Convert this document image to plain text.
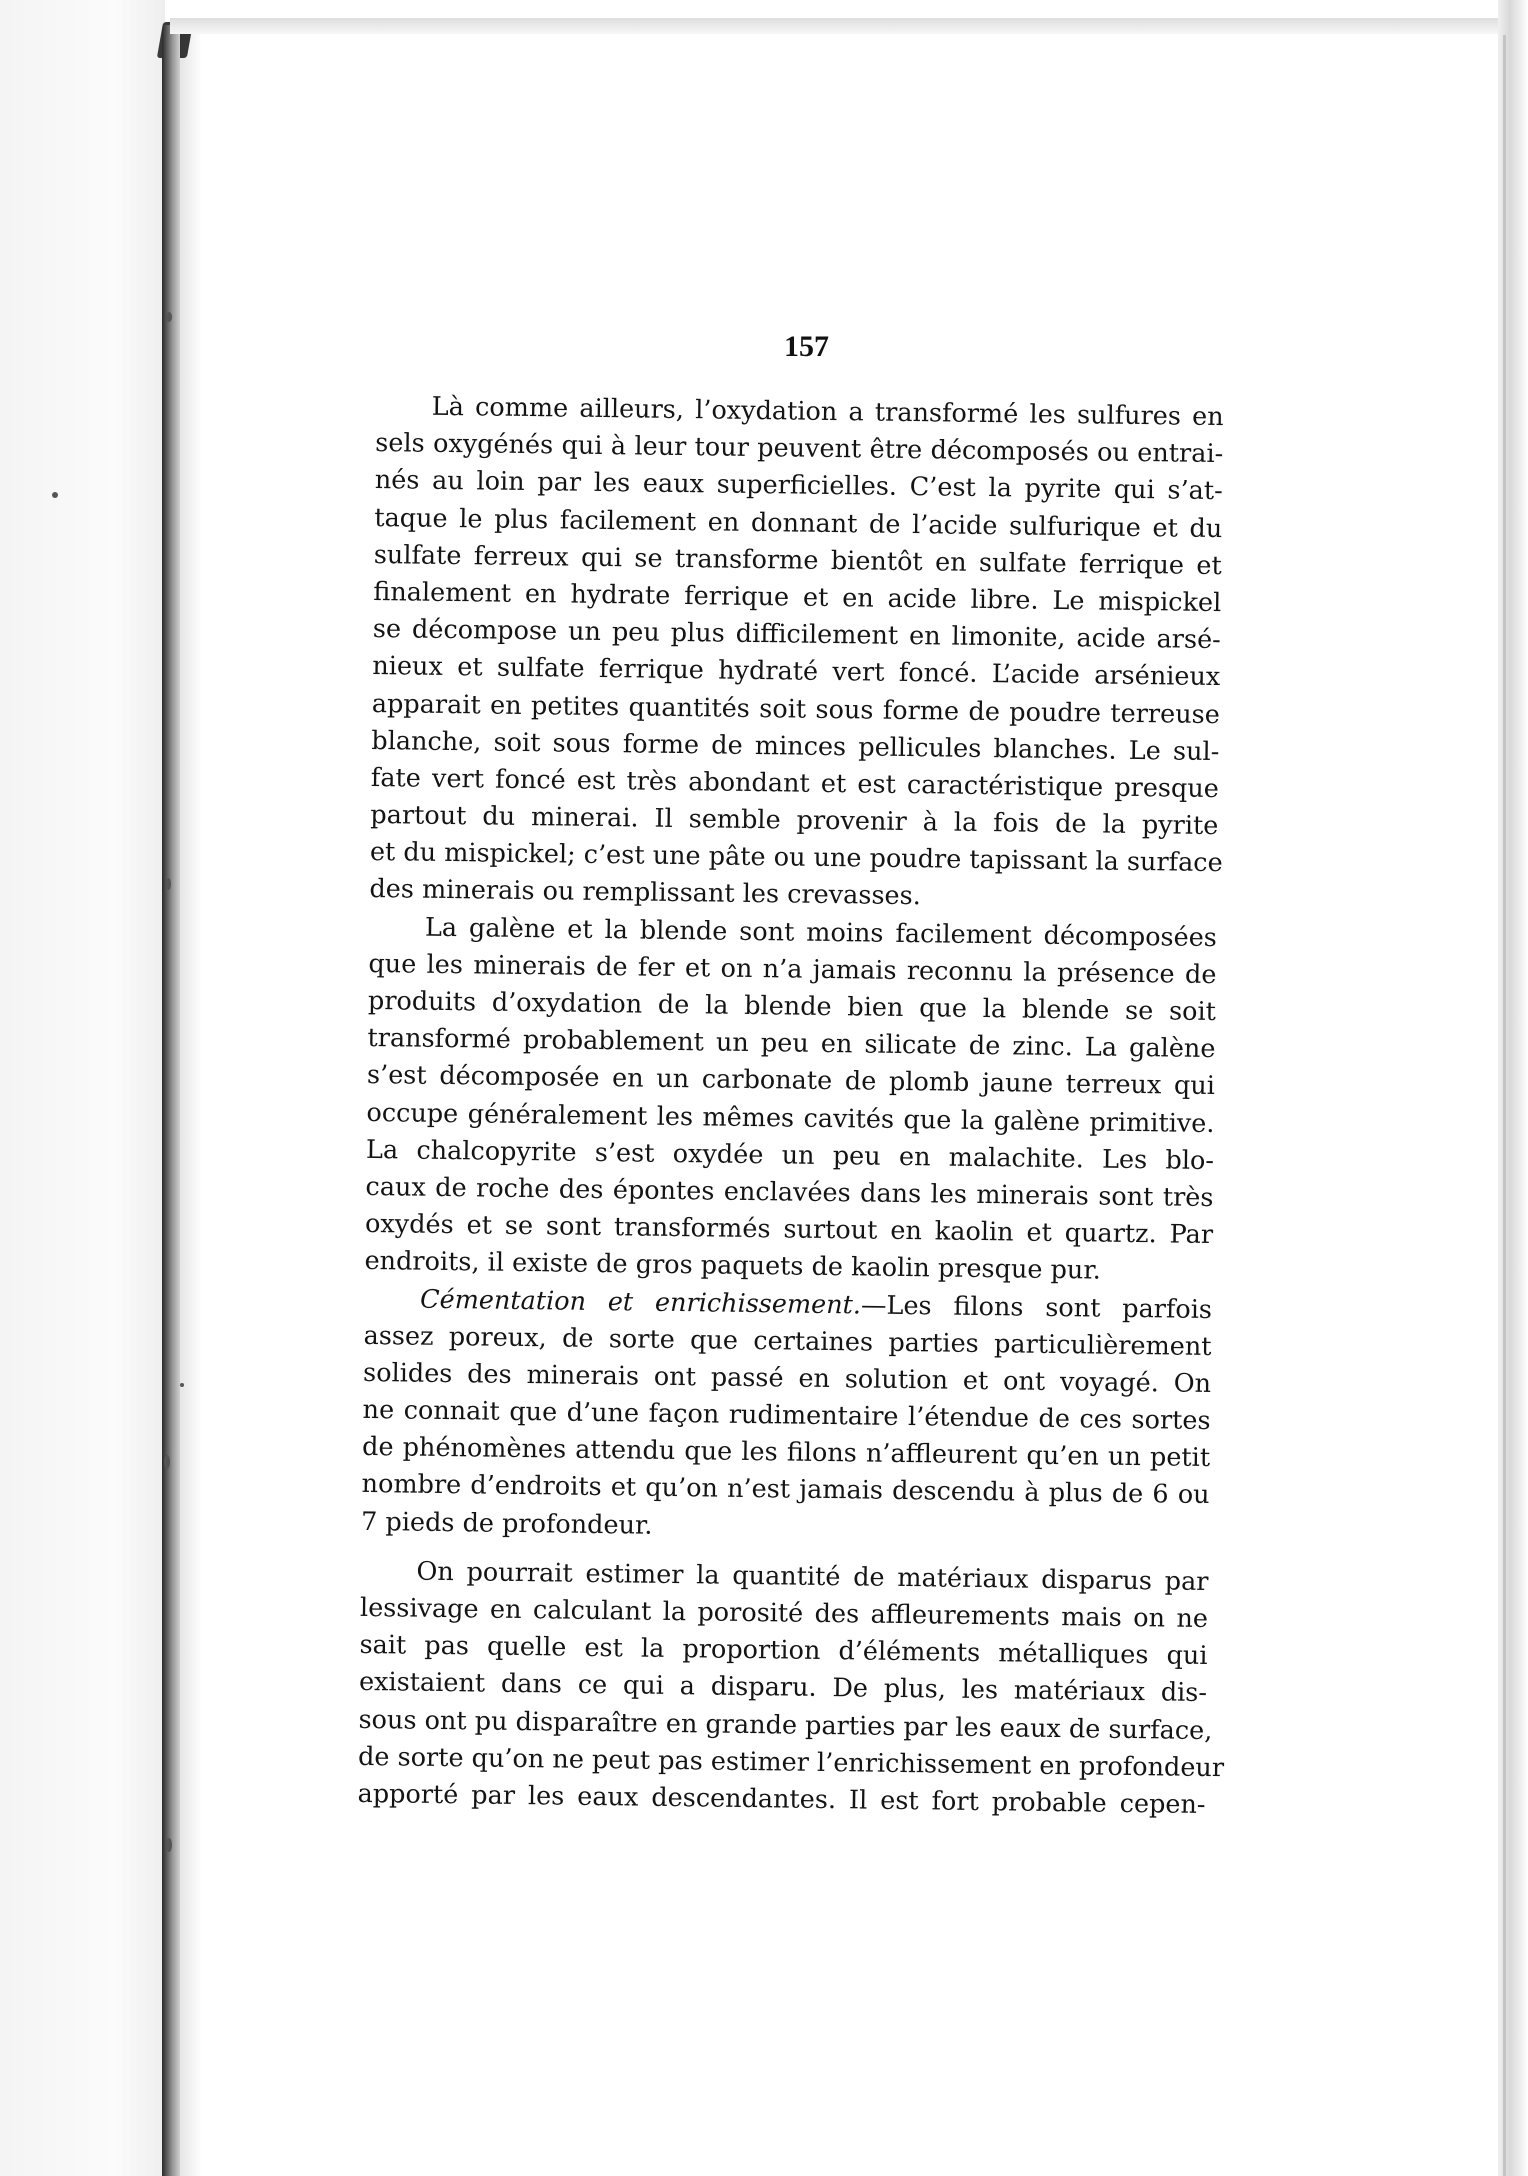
157
Là comme ailleurs, l’oxydation a transformé les sulfures en
sels oxygénés qui à leur tour peuvent être décomposés ou entrai-
nés au loin par les eaux superficielles. C’est la pyrite qui s’at-
taque le plus facilement en donnant de l’acide sulfurique et du
sulfate ferreux qui se transforme bientôt en sulfate ferrique et
finalement en hydrate ferrique et en acide libre. Le mispickel
se décompose un peu plus difficilement en limonite, acide arsé-
nieux et sulfate ferrique hydraté vert foncé. L’acide arsénieux
apparait en petites quantités soit sous forme de poudre terreuse
blanche, soit sous forme de minces pellicules blanches. Le sul-
fate vert foncé est très abondant et est caractéristique presque
partout du minerai. Il semble provenir à la fois de la pyrite
et du mispickel; c’est une pâte ou une poudre tapissant la surface
des minerais ou remplissant les crevasses.
La galène et la blende sont moins facilement décomposées
que les minerais de fer et on n’a jamais reconnu la présence de
produits d’oxydation de la blende bien que la blende se soit
transformé probablement un peu en silicate de zinc. La galène
s’est décomposée en un carbonate de plomb jaune terreux qui
occupe généralement les mêmes cavités que la galène primitive.
La chalcopyrite s’est oxydée un peu en malachite. Les blo-
caux de roche des épontes enclavées dans les minerais sont très
oxydés et se sont transformés surtout en kaolin et quartz. Par
endroits, il existe de gros paquets de kaolin presque pur.
Cémentation et enrichissement.—Les filons sont parfois
assez poreux, de sorte que certaines parties particulièrement
solides des minerais ont passé en solution et ont voyagé. On
ne connait que d’une façon rudimentaire l’étendue de ces sortes
de phénomènes attendu que les filons n’affleurent qu’en un petit
nombre d’endroits et qu’on n’est jamais descendu à plus de 6 ou
7 pieds de profondeur.
On pourrait estimer la quantité de matériaux disparus par
lessivage en calculant la porosité des affleurements mais on ne
sait pas quelle est la proportion d’éléments métalliques qui
existaient dans ce qui a disparu. De plus, les matériaux dis-
sous ont pu disparaître en grande parties par les eaux de surface,
de sorte qu’on ne peut pas estimer l’enrichissement en profondeur
apporté par les eaux descendantes. Il est fort probable cepen-
